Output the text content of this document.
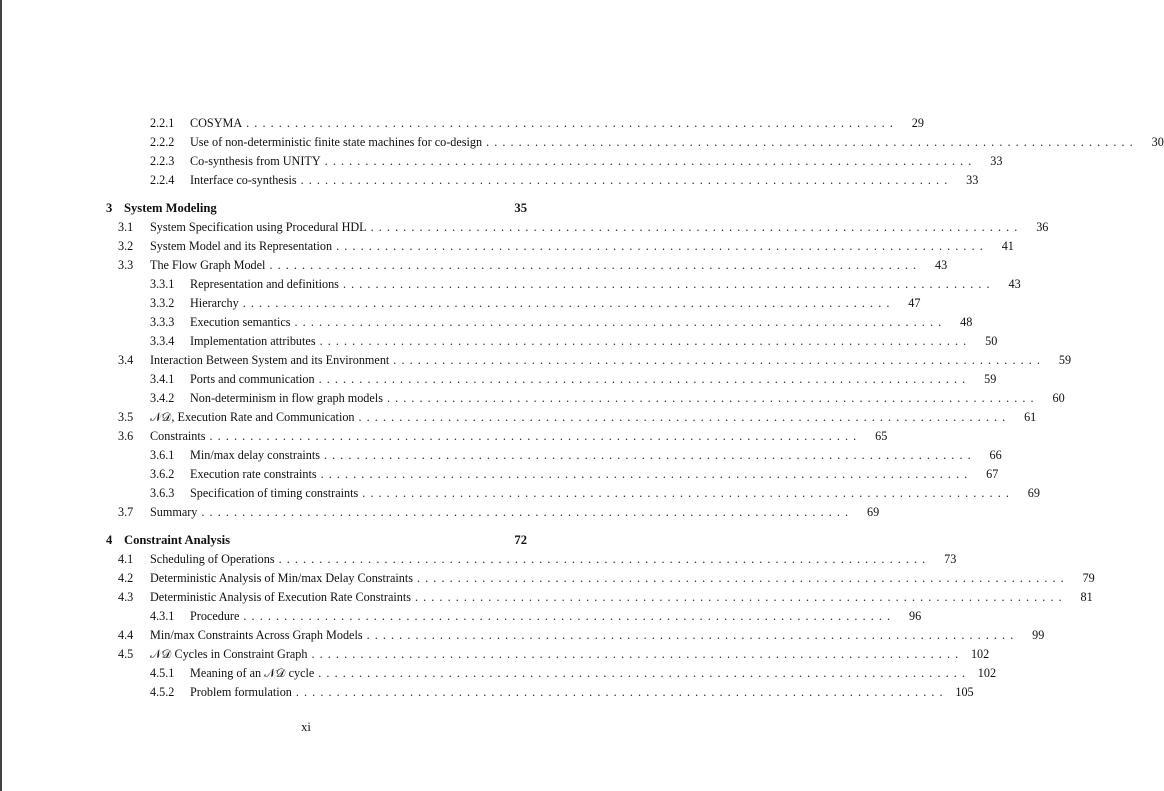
2.2.1	COSYMA ................................................................................	29
2.2.2	Use of non-deterministic finite state machines for co-design ................................................................................	30
2.2.3	Co-synthesis from UNITY ................................................................................	33
2.2.4	Interface co-synthesis ................................................................................	33
3 System Modeling	35
3.1	System Specification using Procedural HDL ................................................................................	36
3.2	System Model and its Representation ................................................................................	41
3.3	The Flow Graph Model ................................................................................	43
3.3.1	Representation and definitions ................................................................................	43
3.3.2	Hierarchy ................................................................................	47
3.3.3	Execution semantics ................................................................................	48
3.3.4	Implementation attributes ................................................................................	50
3.4	Interaction Between System and its Environment ................................................................................	59
3.4.1	Ports and communication ................................................................................	59
3.4.2	Non-determinism in flow graph models ................................................................................	60
3.5	𝒩𝒟, Execution Rate and Communication ................................................................................	61
3.6	Constraints ................................................................................	65
3.6.1	Min/max delay constraints ................................................................................	66
3.6.2	Execution rate constraints ................................................................................	67
3.6.3	Specification of timing constraints ................................................................................	69
3.7	Summary ................................................................................	69
4 Constraint Analysis	72
4.1	Scheduling of Operations ................................................................................	73
4.2	Deterministic Analysis of Min/max Delay Constraints ................................................................................	79
4.3	Deterministic Analysis of Execution Rate Constraints ................................................................................	81
4.3.1	Procedure ................................................................................	96
4.4	Min/max Constraints Across Graph Models ................................................................................	99
4.5	𝒩𝒟 Cycles in Constraint Graph ................................................................................ 102
4.5.1	Meaning of an 𝒩𝒟 cycle ................................................................................ 102
4.5.2	Problem formulation ................................................................................ 105
xi
